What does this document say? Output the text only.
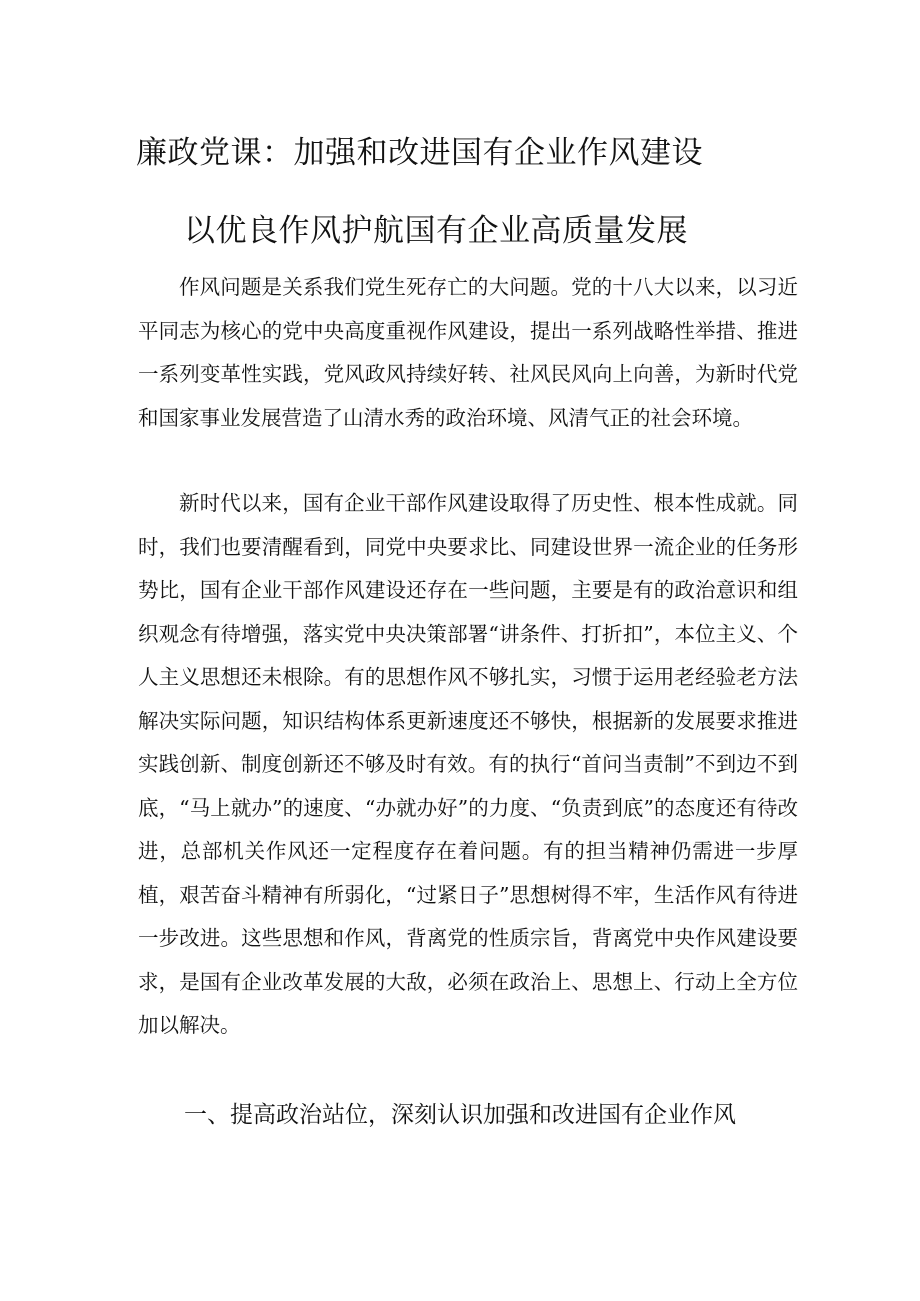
廉政党课：加强和改进国有企业作风建设
以优良作风护航国有企业高质量发展

作风问题是关系我们党生死存亡的大问题。党的十八大以来，以习近平同志为核心的党中央高度重视作风建设，提出一系列战略性举措、推进一系列变革性实践，党风政风持续好转、社风民风向上向善，为新时代党和国家事业发展营造了山清水秀的政治环境、风清气正的社会环境。

新时代以来，国有企业干部作风建设取得了历史性、根本性成就。同时，我们也要清醒看到，同党中央要求比、同建设世界一流企业的任务形势比，国有企业干部作风建设还存在一些问题，主要是有的政治意识和组织观念有待增强，落实党中央决策部署“讲条件、打折扣”，本位主义、个人主义思想还未根除。有的思想作风不够扎实，习惯于运用老经验老方法解决实际问题，知识结构体系更新速度还不够快，根据新的发展要求推进实践创新、制度创新还不够及时有效。有的执行“首问当责制”不到边不到底，“马上就办”的速度、“办就办好”的力度、“负责到底”的态度还有待改进，总部机关作风还一定程度存在着问题。有的担当精神仍需进一步厚植，艰苦奋斗精神有所弱化，“过紧日子”思想树得不牢，生活作风有待进一步改进。这些思想和作风，背离党的性质宗旨，背离党中央作风建设要求，是国有企业改革发展的大敌，必须在政治上、思想上、行动上全方位加以解决。

一、提高政治站位，深刻认识加强和改进国有企业作风
